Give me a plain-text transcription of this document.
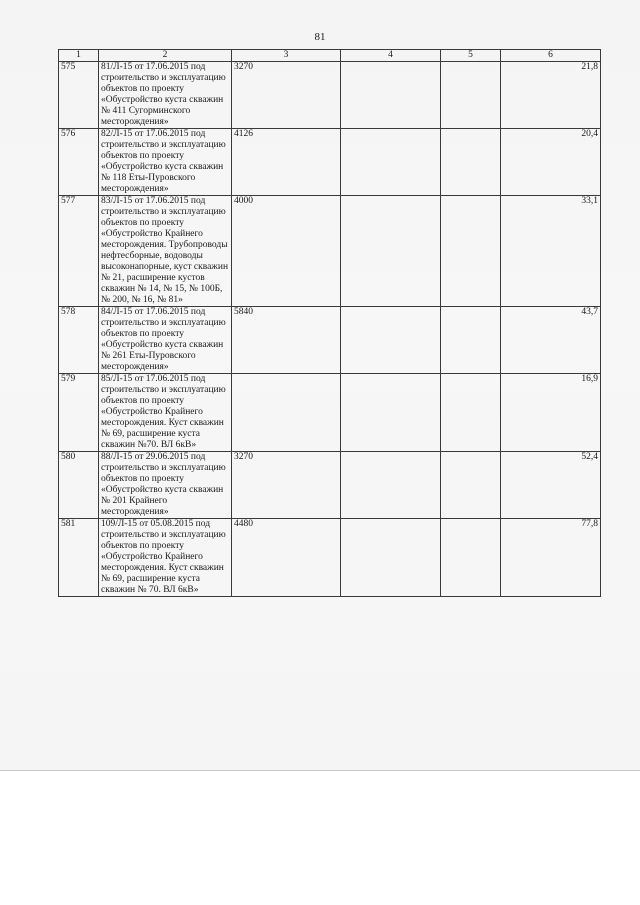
81
1	2	3	4	5	6
575	81/Л-15 от 17.06.2015 под строительство и эксплуатацию объектов по проекту «Обустройство куста скважин № 411 Сугорминского месторождения»	3270			21,8
576	82/Л-15 от 17.06.2015 под строительство и эксплуатацию объектов по проекту «Обустройство куста скважин № 118 Еты-Пуровского месторождения»	4126			20,4
577	83/Л-15 от 17.06.2015 под строительство и эксплуатацию объектов по проекту «Обустройство Крайнего месторождения. Трубопроводы нефтесборные, водоводы высоконапорные, куст скважин № 21, расширение кустов скважин № 14, № 15, № 100Б, № 200, № 16, № 81»	4000			33,1
578	84/Л-15 от 17.06.2015 под строительство и эксплуатацию объектов по проекту «Обустройство куста скважин № 261 Еты-Пуровского месторождения»	5840			43,7
579	85/Л-15 от 17.06.2015 под строительство и эксплуатацию объектов по проекту «Обустройство Крайнего месторождения. Куст скважин № 69, расширение куста скважин №70. ВЛ 6кВ»				16,9
580	88/Л-15 от 29.06.2015 под строительство и эксплуатацию объектов по проекту «Обустройство куста скважин № 201 Крайнего месторождения»	3270			52,4
581	109/Л-15 от 05.08.2015 под строительство и эксплуатацию объектов по проекту «Обустройство Крайнего месторождения. Куст скважин № 69, расширение куста скважин № 70. ВЛ 6кВ»	4480			77,8
